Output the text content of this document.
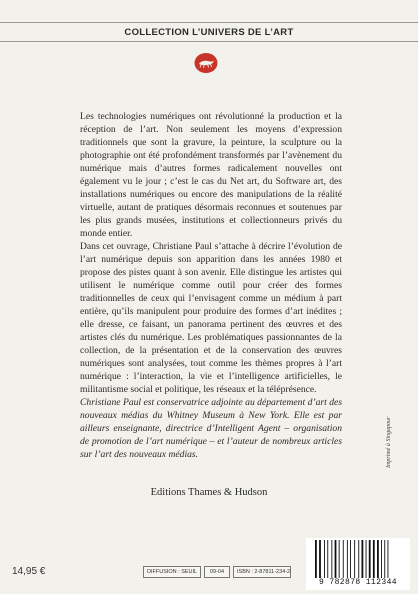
COLLECTION L’UNIVERS DE L’ART

Les technologies numériques ont révolutionné la production et la réception de l’art. Non seulement les moyens d’expression traditionnels que sont la gravure, la peinture, la sculpture ou la photographie ont été profondément transformés par l’avènement du numérique mais d’autres formes radicalement nouvelles ont également vu le jour ; c’est le cas du Net art, du Software art, des installations numériques ou encore des manipulations de la réalité virtuelle, autant de pratiques désormais reconnues et soutenues par les plus grands musées, institutions et collectionneurs privés du monde entier.

Dans cet ouvrage, Christiane Paul s’attache à décrire l’évolution de l’art numérique depuis son apparition dans les années 1980 et propose des pistes quant à son avenir. Elle distingue les artistes qui utilisent le numérique comme outil pour créer des formes traditionnelles de ceux qui l’envisagent comme un médium à part entière, qu’ils manipulent pour produire des formes d’art inédites ; elle dresse, ce faisant, un panorama pertinent des œuvres et des artistes clés du numérique. Les problématiques passionnantes de la collection, de la présentation et de la conservation des œuvres numériques sont analysées, tout comme les thèmes propres à l’art numérique : l’interaction, la vie et l’intelligence artificielles, le militantisme social et politique, les réseaux et la téléprésence.

Christiane Paul est conservatrice adjointe au département d’art des nouveaux médias du Whitney Museum à New York. Elle est par ailleurs enseignante, directrice d’Intelligent Agent – organisation de promotion de l’art numérique – et l’auteur de nombreux articles sur l’art des nouveaux médias.

Editions Thames & Hudson
Imprimé à Singapour
14,95 €	DIFFUSION : SEUIL	09-04	ISBN : 2-87811-234-2
9 782878 112344
